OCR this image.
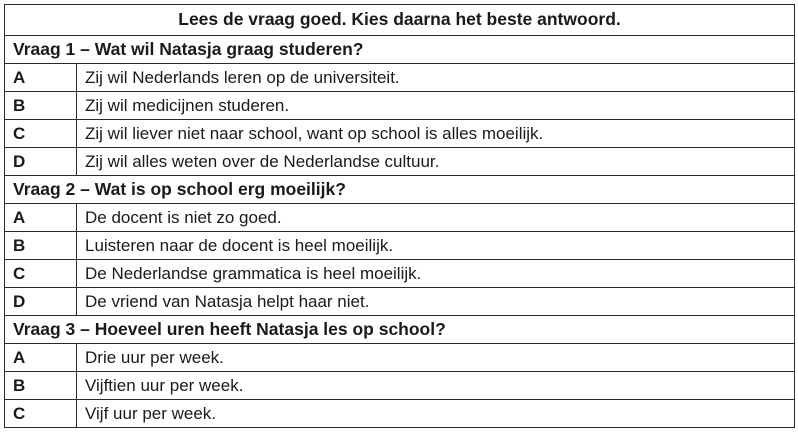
Lees de vraag goed. Kies daarna het beste antwoord.	
Vraag 1 – Wat wil Natasja graag studeren?	
A	Zij wil Nederlands leren op de universiteit.
B	Zij wil medicijnen studeren.
C	Zij wil liever niet naar school, want op school is alles moeilijk.
D	Zij wil alles weten over de Nederlandse cultuur.
Vraag 2 – Wat is op school erg moeilijk?	
A	De docent is niet zo goed.
B	Luisteren naar de docent is heel moeilijk.
C	De Nederlandse grammatica is heel moeilijk.
D	De vriend van Natasja helpt haar niet.
Vraag 3 – Hoeveel uren heeft Natasja les op school?	
A	Drie uur per week.
B	Vijftien uur per week.
C	Vijf uur per week.
